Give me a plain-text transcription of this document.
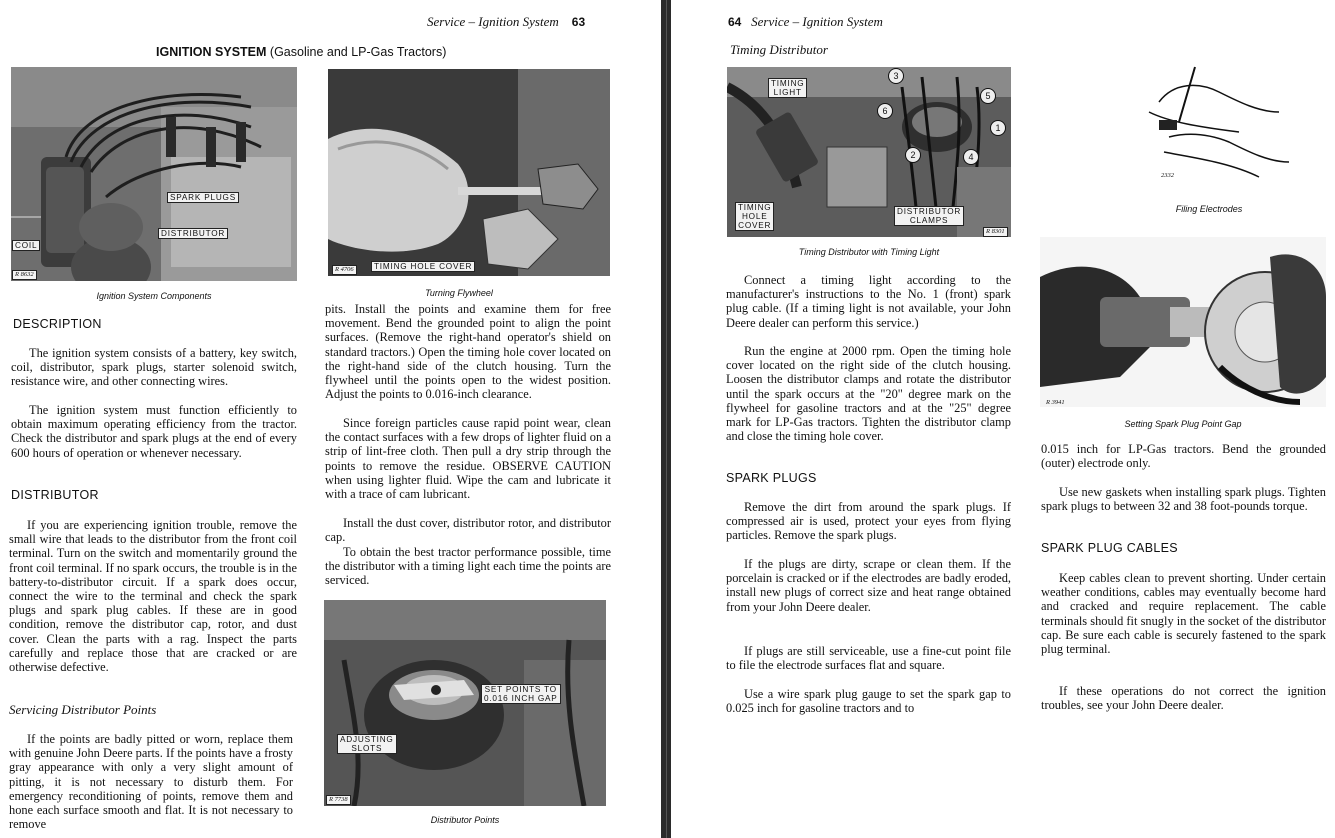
Service – Ignition System 63
IGNITION SYSTEM (Gasoline and LP-Gas Tractors)
SPARK PLUGS
DISTRIBUTOR
COIL
R 8632
Ignition System Components
TIMING HOLE COVER
R 4706
Turning Flywheel
SET POINTS TO
0.016 INCH GAP
ADJUSTING
SLOTS
R 7738
Distributor Points
DESCRIPTION

The ignition system consists of a battery, key switch, coil, distributor, spark plugs, starter solenoid switch, resistance wire, and other connecting wires.

The ignition system must function efficiently to obtain maximum operating efficiency from the tractor. Check the distributor and spark plugs at the end of every 600 hours of operation or whenever necessary.

DISTRIBUTOR

If you are experiencing ignition trouble, remove the small wire that leads to the distributor from the front coil terminal. Turn on the switch and momentarily ground the front coil terminal. If no spark occurs, the trouble is in the battery-to-distributor circuit. If a spark does occur, connect the wire to the terminal and check the spark plugs and spark plug cables. If these are in good condition, remove the distributor cap, rotor, and dust cover. Clean the parts with a rag. Inspect the parts carefully and replace those that are cracked or are otherwise defective.

Servicing Distributor Points

If the points are badly pitted or worn, replace them with genuine John Deere parts. If the points have a frosty gray appearance with only a very slight amount of pitting, it is not necessary to disturb them. For emergency reconditioning of points, remove them and hone each surface smooth and flat. It is not necessary to remove

pits. Install the points and examine them for free movement. Bend the grounded point to align the point surfaces. (Remove the right-hand operator's shield on standard tractors.) Open the timing hole cover located on the right-hand side of the clutch housing. Turn the flywheel until the points open to the widest position. Adjust the points to 0.016-inch clearance.

Since foreign particles cause rapid point wear, clean the contact surfaces with a few drops of lighter fluid on a strip of lint-free cloth. Then pull a dry strip through the points to remove the residue. OBSERVE CAUTION when using lighter fluid. Wipe the cam and lubricate it with a trace of cam lubricant.

Install the dust cover, distributor rotor, and distributor cap.

To obtain the best tractor performance possible, time the distributor with a timing light each time the points are serviced.

64 Service – Ignition System
Timing Distributor
TIMING
LIGHT
TIMING
HOLE
COVER
DISTRIBUTOR
CLAMPS
3
5
6
1
2	4
R 8301
Timing Distributor with Timing Light
2332
Filing Electrodes
R 3941
Setting Spark Plug Point Gap

Connect a timing light according to the manufacturer's instructions to the No. 1 (front) spark plug cable. (If a timing light is not available, your John Deere dealer can perform this service.)

Run the engine at 2000 rpm. Open the timing hole cover located on the right side of the clutch housing. Loosen the distributor clamps and rotate the distributor until the spark occurs at the "20" degree mark on the flywheel for gasoline tractors and at the "25" degree mark for LP-Gas tractors. Tighten the distributor clamp and close the timing hole cover.

SPARK PLUGS

Remove the dirt from around the spark plugs. If compressed air is used, protect your eyes from flying particles. Remove the spark plugs.

If the plugs are dirty, scrape or clean them. If the porcelain is cracked or if the electrodes are badly eroded, install new plugs of correct size and heat range obtained from your John Deere dealer.

If plugs are still serviceable, use a fine-cut point file to file the electrode surfaces flat and square.

Use a wire spark plug gauge to set the spark gap to 0.025 inch for gasoline tractors and to

0.015 inch for LP-Gas tractors. Bend the grounded (outer) electrode only.

Use new gaskets when installing spark plugs. Tighten spark plugs to between 32 and 38 foot-pounds torque.

SPARK PLUG CABLES

Keep cables clean to prevent shorting. Under certain weather conditions, cables may eventually become hard and cracked and require replacement. The cable terminals should fit snugly in the socket of the distributor cap. Be sure each cable is securely fastened to the spark plug terminal.

If these operations do not correct the ignition troubles, see your John Deere dealer.
